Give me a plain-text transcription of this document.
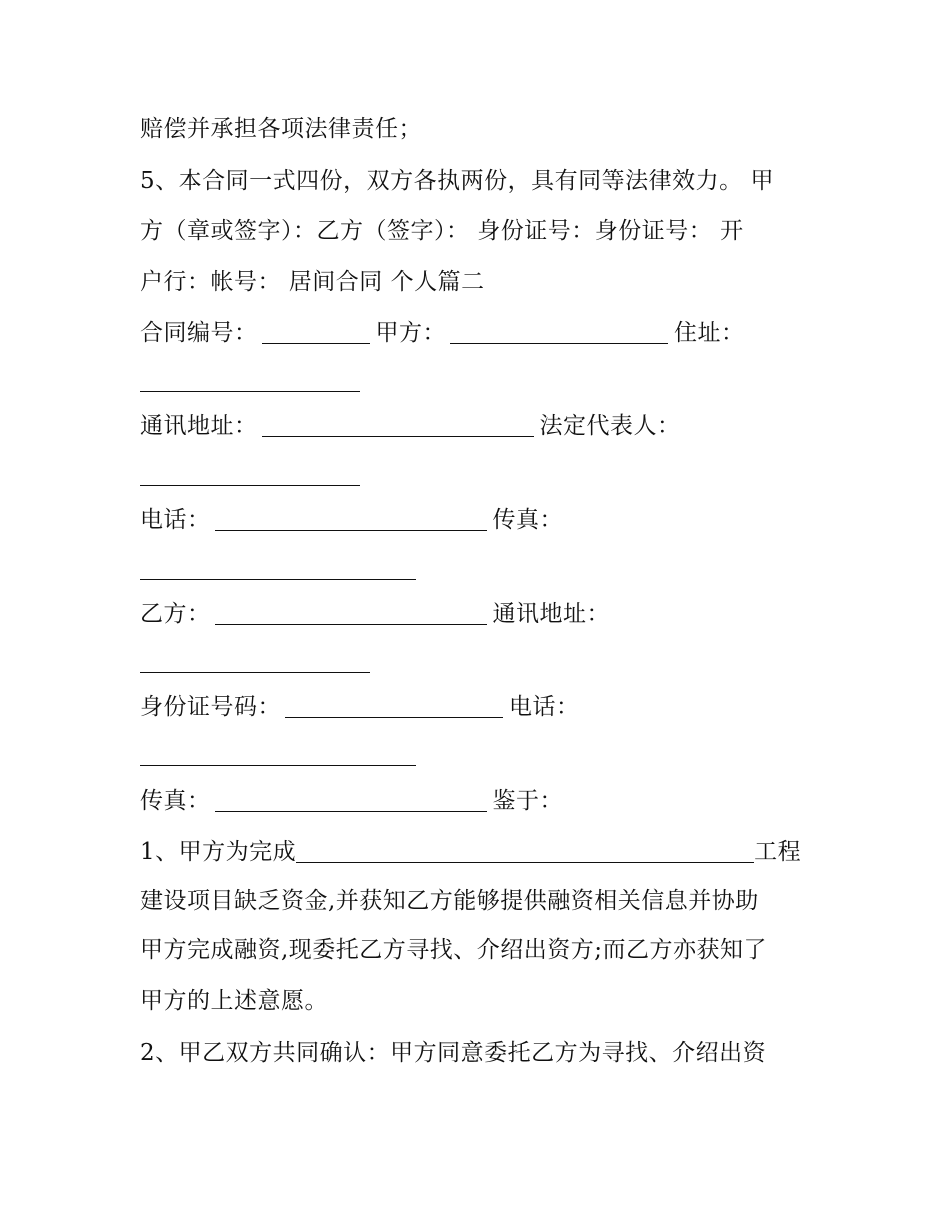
赔偿并承担各项法律责任；
5、本合同一式四份，双方各执两份，具有同等法律效力。 甲
方（章或签字）：乙方（签字）： 身份证号：身份证号： 开
户行：帐号： 居间合同 个人篇二
合同编号：	甲方：	住址：
通讯地址：	法定代表人：
电话：	传真：
乙方：	通讯地址：
身份证号码：	电话：
传真：	鉴于：
1、甲方为完成	工程
建设项目缺乏资金,并获知乙方能够提供融资相关信息并协助
甲方完成融资,现委托乙方寻找、介绍出资方;而乙方亦获知了
甲方的上述意愿。
2、甲乙双方共同确认：甲方同意委托乙方为寻找、介绍出资
